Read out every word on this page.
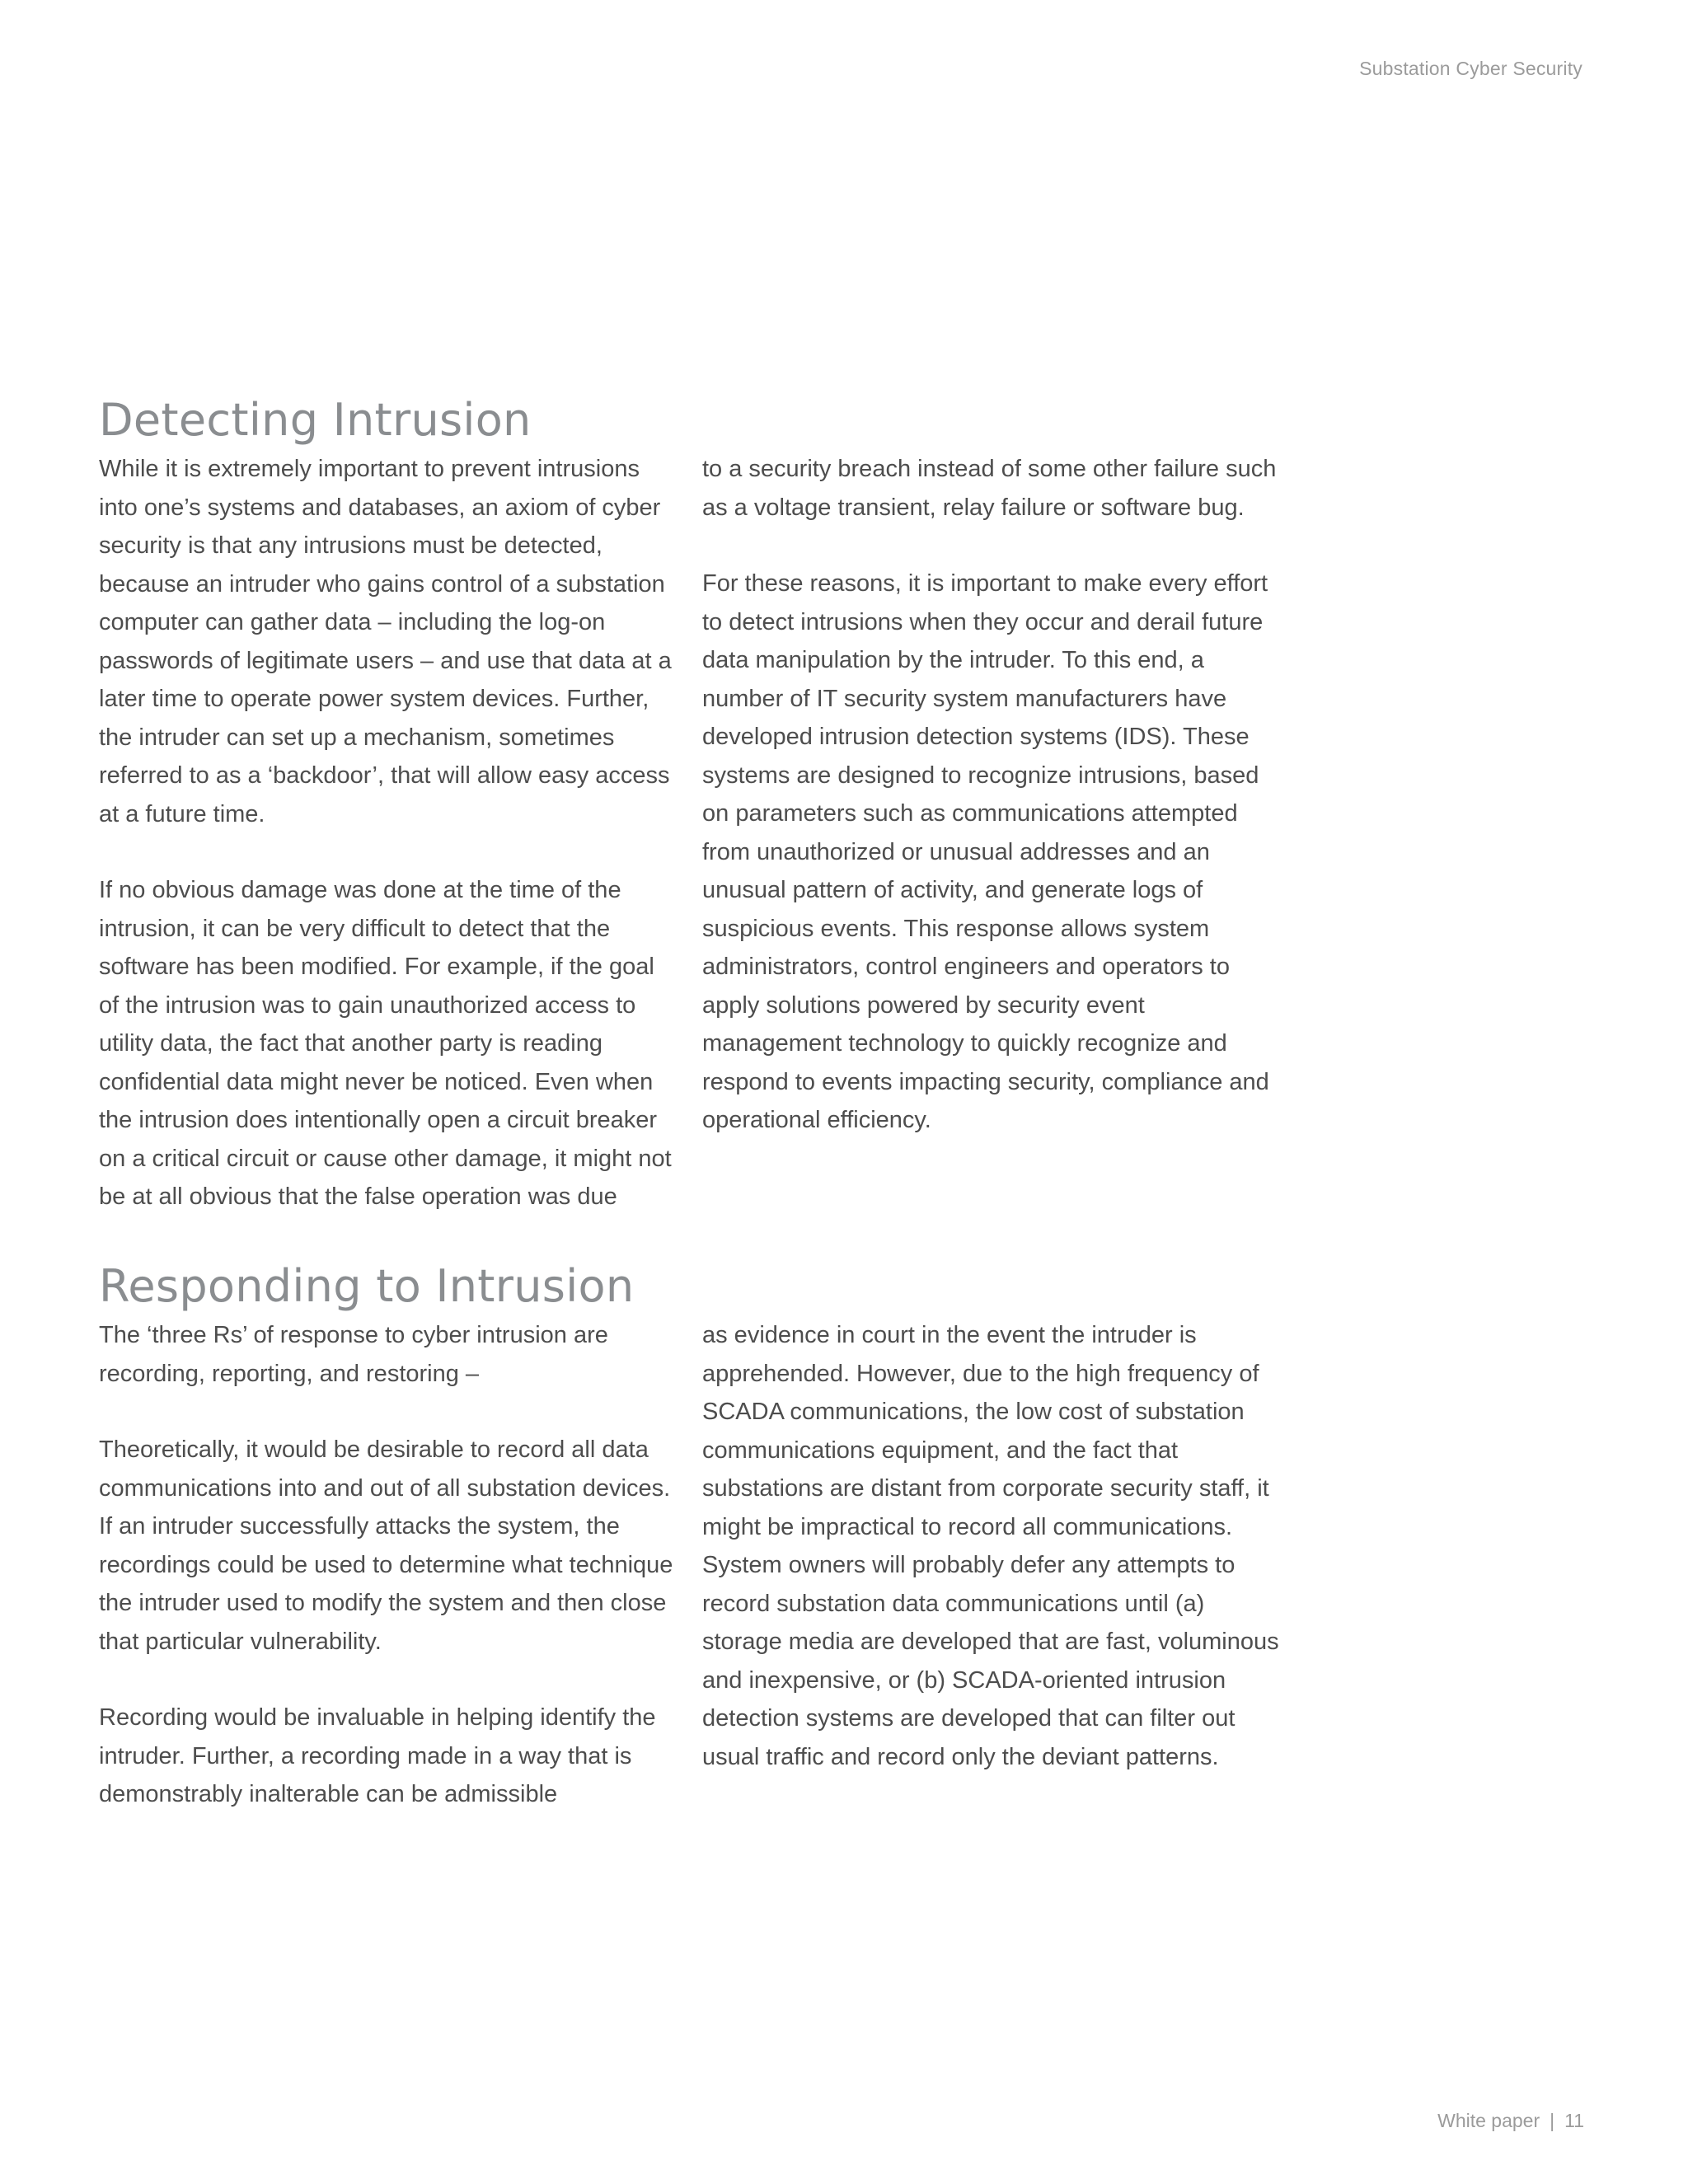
Substation Cyber Security
Detecting Intrusion

While it is extremely important to prevent intrusions into one’s systems and databases, an axiom of cyber security is that any intrusions must be detected, because an intruder who gains control of a substation computer can gather data – including the log-on passwords of legitimate users – and use that data at a later time to operate power system devices. Further, the intruder can set up a mechanism, sometimes referred to as a ‘backdoor’, that will allow easy access at a future time.

If no obvious damage was done at the time of the intrusion, it can be very difficult to detect that the software has been modified. For example, if the goal of the intrusion was to gain unauthorized access to utility data, the fact that another party is reading confidential data might never be noticed. Even when the intrusion does intentionally open a circuit breaker on a critical circuit or cause other damage, it might not be at all obvious that the false operation was due

to a security breach instead of some other failure such as a voltage transient, relay failure or software bug.

For these reasons, it is important to make every effort to detect intrusions when they occur and derail future data manipulation by the intruder. To this end, a number of IT security system manufacturers have developed intrusion detection systems (IDS). These systems are designed to recognize intrusions, based on parameters such as communications attempted from unauthorized or unusual addresses and an unusual pattern of activity, and generate logs of suspicious events. This response allows system administrators, control engineers and operators to apply solutions powered by security event management technology to quickly recognize and respond to events impacting security, compliance and operational efficiency.

Responding to Intrusion

The ‘three Rs’ of response to cyber intrusion are recording, reporting, and restoring –

Theoretically, it would be desirable to record all data communications into and out of all substation devices. If an intruder successfully attacks the system, the recordings could be used to determine what technique the intruder used to modify the system and then close that particular vulnerability.

Recording would be invaluable in helping identify the intruder. Further, a recording made in a way that is demonstrably inalterable can be admissible

as evidence in court in the event the intruder is apprehended. However, due to the high frequency of SCADA communications, the low cost of substation communications equipment, and the fact that substations are distant from corporate security staff, it might be impractical to record all communications. System owners will probably defer any attempts to record substation data communications until (a) storage media are developed that are fast, voluminous and inexpensive, or (b) SCADA-oriented intrusion detection systems are developed that can filter out usual traffic and record only the deviant patterns.

White paper | 11
